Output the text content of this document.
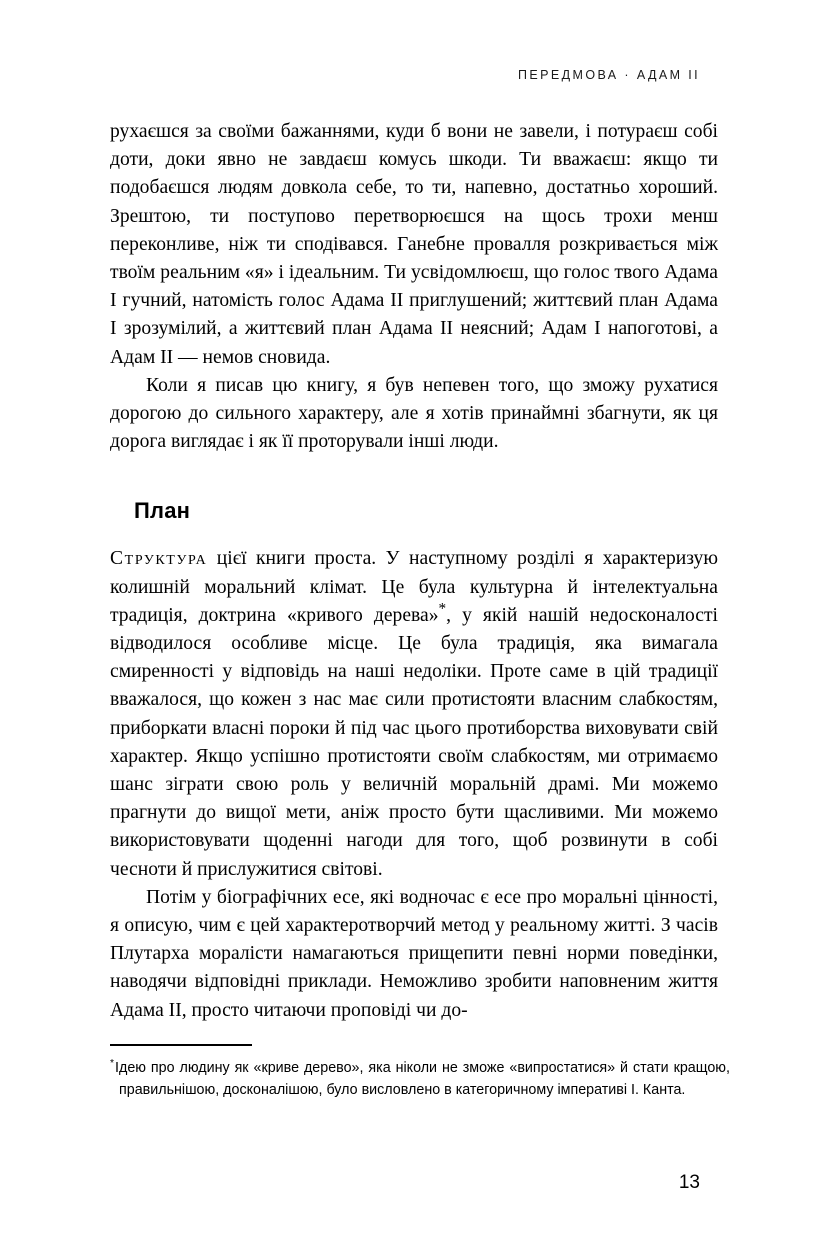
ПЕРЕДМОВА · АДАМ II

рухаєшся за своїми бажаннями, куди б вони не завели, і потураєш собі доти, доки явно не завдаєш комусь шкоди. Ти вважаєш: якщо ти подобаєшся людям довкола себе, то ти, напевно, достатньо хороший. Зрештою, ти поступово перетворюєшся на щось трохи менш переконливе, ніж ти сподівався. Ганебне провалля розкривається між твоїм реальним «я» і ідеальним. Ти усвідомлюєш, що голос твого Адама I гучний, натомість голос Адама II приглушений; життєвий план Адама I зрозумілий, а життєвий план Адама II неясний; Адам I напоготові, а Адам II — немов сновида.

Коли я писав цю книгу, я був непевен того, що зможу рухатися дорогою до сильного характеру, але я хотів принаймні збагнути, як ця дорога виглядає і як її проторували інші люди.

План

Структура цієї книги проста. У наступному розділі я характеризую колишній моральний клімат. Це була культурна й інтелектуальна традиція, доктрина «кривого дерева»*, у якій нашій недосконалості відводилося особливе місце. Це була традиція, яка вимагала смиренності у відповідь на наші недоліки. Проте саме в цій традиції вважалося, що кожен з нас має сили протистояти власним слабкостям, приборкати власні пороки й під час цього протиборства виховувати свій характер. Якщо успішно протистояти своїм слабкостям, ми отримаємо шанс зіграти свою роль у величній моральній драмі. Ми можемо прагнути до вищої мети, аніж просто бути щасливими. Ми можемо використовувати щоденні нагоди для того, щоб розвинути в собі чесноти й прислужитися світові.

Потім у біографічних есе, які водночас є есе про моральні цінності, я описую, чим є цей характеротворчий метод у реальному житті. З часів Плутарха моралісти намагаються прищепити певні норми поведінки, наводячи відповідні приклади. Неможливо зробити наповненим життя Адама II, просто читаючи проповіді чи до-

*Ідею про людину як «криве дерево», яка ніколи не зможе «випростатися» й стати кращою, правильнішою, досконалішою, було висловлено в категоричному імперативі І. Канта.

13
